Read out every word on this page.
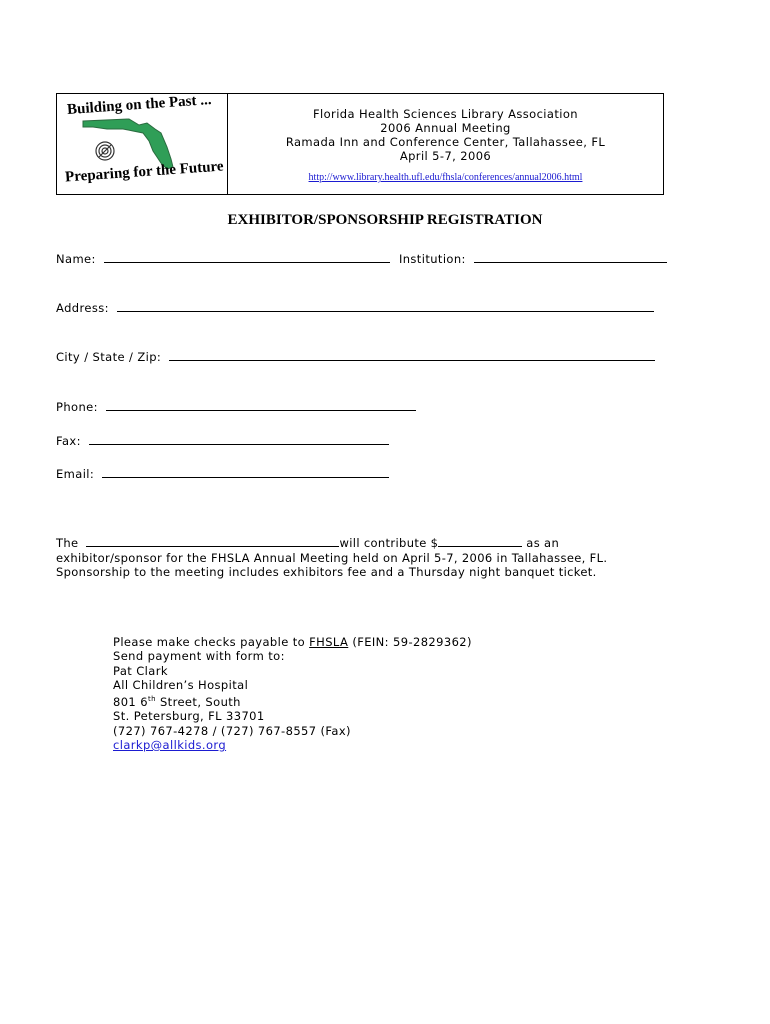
Building on the Past ...
Preparing for the Future
Florida Health Sciences Library Association
2006 Annual Meeting
Ramada Inn and Conference Center, Tallahassee, FL
April 5-7, 2006
http://www.library.health.ufl.edu/fhsla/conferences/annual2006.html
EXHIBITOR/SPONSORSHIP REGISTRATION
Name:	Institution:
Address:
City / State / Zip:
Phone:
Fax:
Email:
The	will contribute $	as an exhibitor/sponsor for the FHSLA Annual Meeting held on April 5-7, 2006 in Tallahassee, FL. Sponsorship to the meeting includes exhibitors fee and a Thursday night banquet ticket.
Please make checks payable to FHSLA (FEIN: 59-2829362)
Send payment with form to:
Pat Clark
All Children’s Hospital
801 6th Street, South
St. Petersburg, FL 33701
(727) 767-4278 / (727) 767-8557 (Fax)
clarkp@allkids.org
